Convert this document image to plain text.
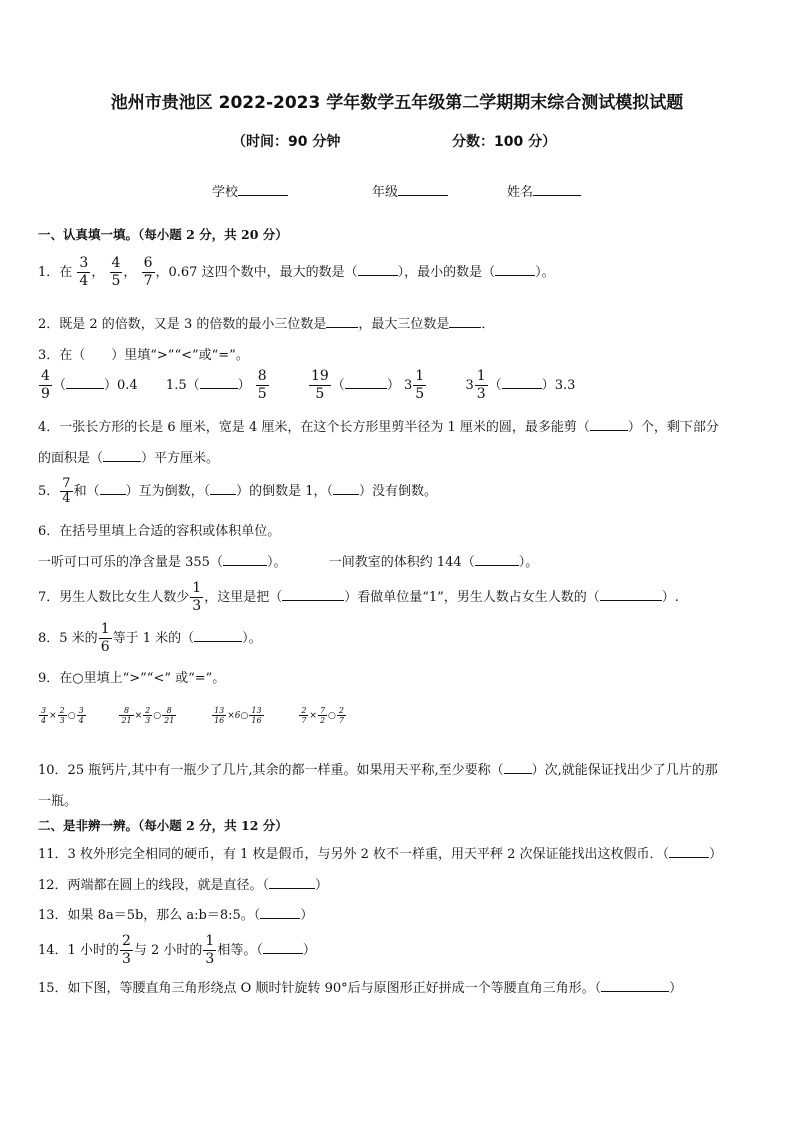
池州市贵池区 2022-2023 学年数学五年级第二学期期末综合测试模拟试题
（时间：90 分钟	分数：100 分）
学校	年级	姓名
一、认真填一填。（每小题 2 分，共 20 分）
1．在 $\frac{3}{4}$ ， $\frac{4}{5}$ ， $\frac{6}{7}$ ，0.67 这四个数中，最大的数是（	），最小的数是（	）。
2．既是 2 的倍数，又是 3 的倍数的最小三位数是 ，最大三位数是 ．
3．在（　　）里填“>”“<”或“=”。
$\frac{4}{9}$ （	）0.4 1.5（	） $\frac{8}{5}$
	$\frac{19}{5}$ （	） $3 \frac{1}{5}$	$3 \frac{1}{3}$ （	）3.3
4．一张长方形的长是 6 厘米，宽是 4 厘米，在这个长方形里剪半径为 1 厘米的圆，最多能剪（	）个，剩下部分
的面积是（	）平方厘米。
5． $\frac{7}{4}$ 和（ ）互为倒数，（ ）的倒数是 1，（ ）没有倒数。
6．在括号里填上合适的容积或体积单位。
一听可口可乐的净含量是 355（	）。	一间教室的体积约 144（	）。
7．男生人数比女生人数少 $\frac{1}{3}$ ，这里是把（	）看做单位量“1”，男生人数占女生人数的（	）.
8．5 米的 $\frac{1}{6}$ 等于 1 米的（	）。
9．在○里填上“>”“<” 或“=”。
$\frac{3}{4} \times \frac{2}{3}$ ○ $\frac{3}{4}$
	$\frac{8}{21} \times \frac{2}{3}$ ○ $\frac{8}{21}$
	$\frac{13}{16}$ ×6○ $\frac{13}{16}$
	$\frac{2}{7} \times \frac{7}{2}$ ○ $\frac{2}{7}$
10．25 瓶钙片,其中有一瓶少了几片,其余的都一样重。如果用天平称,至少要称（ ）次,就能保证找出少了几片的那
一瓶。
二、是非辨一辨。（每小题 2 分，共 12 分）
11．3 枚外形完全相同的硬币，有 1 枚是假币，与另外 2 枚不一样重，用天平秤 2 次保证能找出这枚假币．（	）
12．两端都在圆上的线段，就是直径。（	）
13．如果 8a＝5b，那么 a:b＝8:5。（	）
14．1 小时的 $\frac{2}{3}$ 与 2 小时的 $\frac{1}{3}$ 相等。（	）
15．如下图，等腰直角三角形绕点 O 顺时针旋转 90°后与原图形正好拼成一个等腰直角三角形。（	）
